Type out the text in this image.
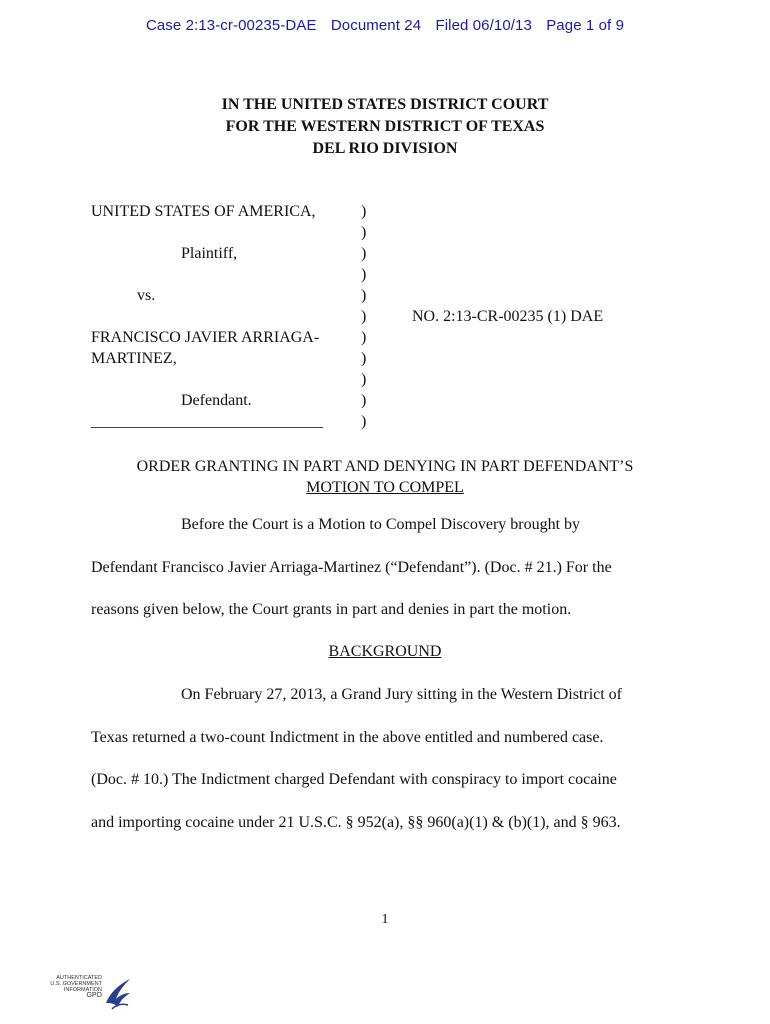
Case 2:13-cr-00235-DAE Document 24 Filed 06/10/13 Page 1 of 9
IN THE UNITED STATES DISTRICT COURT
FOR THE WESTERN DISTRICT OF TEXAS
DEL RIO DIVISION
UNITED STATES OF AMERICA,
Plaintiff,
vs.
FRANCISCO JAVIER ARRIAGA-
MARTINEZ,
Defendant.
_____________________________
)
)
)
)
)
)
)
)
)
)
)
NO. 2:13-CR-00235 (1) DAE
ORDER GRANTING IN PART AND DENYING IN PART DEFENDANT’S
MOTION TO COMPEL
Before the Court is a Motion to Compel Discovery brought by
Defendant Francisco Javier Arriaga-Martinez (“Defendant”). (Doc. # 21.) For the
reasons given below, the Court grants in part and denies in part the motion.
BACKGROUND
On February 27, 2013, a Grand Jury sitting in the Western District of
Texas returned a two-count Indictment in the above entitled and numbered case.
(Doc. # 10.) The Indictment charged Defendant with conspiracy to import cocaine
and importing cocaine under 21 U.S.C. § 952(a), §§ 960(a)(1) & (b)(1), and § 963.
1
AUTHENTICATED
U.S. GOVERNMENT
INFORMATION
GPO
